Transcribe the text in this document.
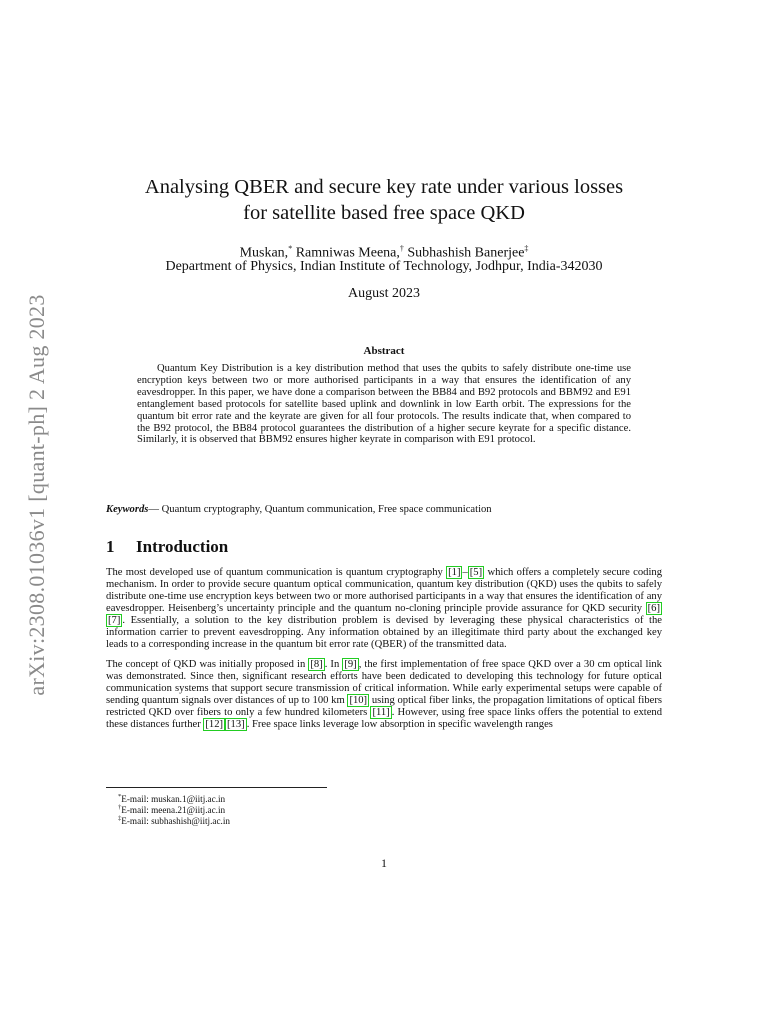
arXiv:2308.01036v1 [quant-ph] 2 Aug 2023
Analysing QBER and secure key rate under various losses
for satellite based free space QKD
Muskan,* Ramniwas Meena,† Subhashish Banerjee‡
Department of Physics, Indian Institute of Technology, Jodhpur, India-342030
August 2023
Abstract
Quantum Key Distribution is a key distribution method that uses the qubits to safely distribute one-time use encryption keys between two or more authorised participants in a way that ensures the identification of any eavesdropper. In this paper, we have done a comparison between the BB84 and B92 protocols and BBM92 and E91 entanglement based protocols for satellite based uplink and downlink in low Earth orbit. The expressions for the quantum bit error rate and the keyrate are given for all four protocols. The results indicate that, when compared to the B92 protocol, the BB84 protocol guarantees the distribution of a higher secure keyrate for a specific distance. Similarly, it is observed that BBM92 ensures higher keyrate in comparison with E91 protocol.
Keywords— Quantum cryptography, Quantum communication, Free space communication
1 Introduction
The most developed use of quantum communication is quantum cryptography [1] – [5] which offers a completely secure coding mechanism. In order to provide secure quantum optical communication, quantum key distribution (QKD) uses the qubits to safely distribute one-time use encryption keys between two or more authorised participants in a way that ensures the identification of any eavesdropper. Heisenberg’s uncertainty principle and the quantum no-cloning principle provide assurance for QKD security [6][7] . Essentially, a solution to the key distribution problem is devised by leveraging these physical characteristics of the information carrier to prevent eavesdropping. Any information obtained by an illegitimate third party about the exchanged key leads to a corresponding increase in the quantum bit error rate (QBER) of the transmitted data.
The concept of QKD was initially proposed in [8] . In [9] , the first implementation of free space QKD over a 30 cm optical link was demonstrated. Since then, significant research efforts have been dedicated to developing this technology for future optical communication systems that support secure transmission of critical information. While early experimental setups were capable of sending quantum signals over distances of up to 100 km [10] using optical fiber links, the propagation limitations of optical fibers restricted QKD over fibers to only a few hundred kilometers [11] . However, using free space links offers the potential to extend these distances further [12] [13] . Free space links leverage low absorption in specific wavelength ranges
*E-mail: muskan.1@iitj.ac.in
†E-mail: meena.21@iitj.ac.in
‡E-mail: subhashish@iitj.ac.in
1
